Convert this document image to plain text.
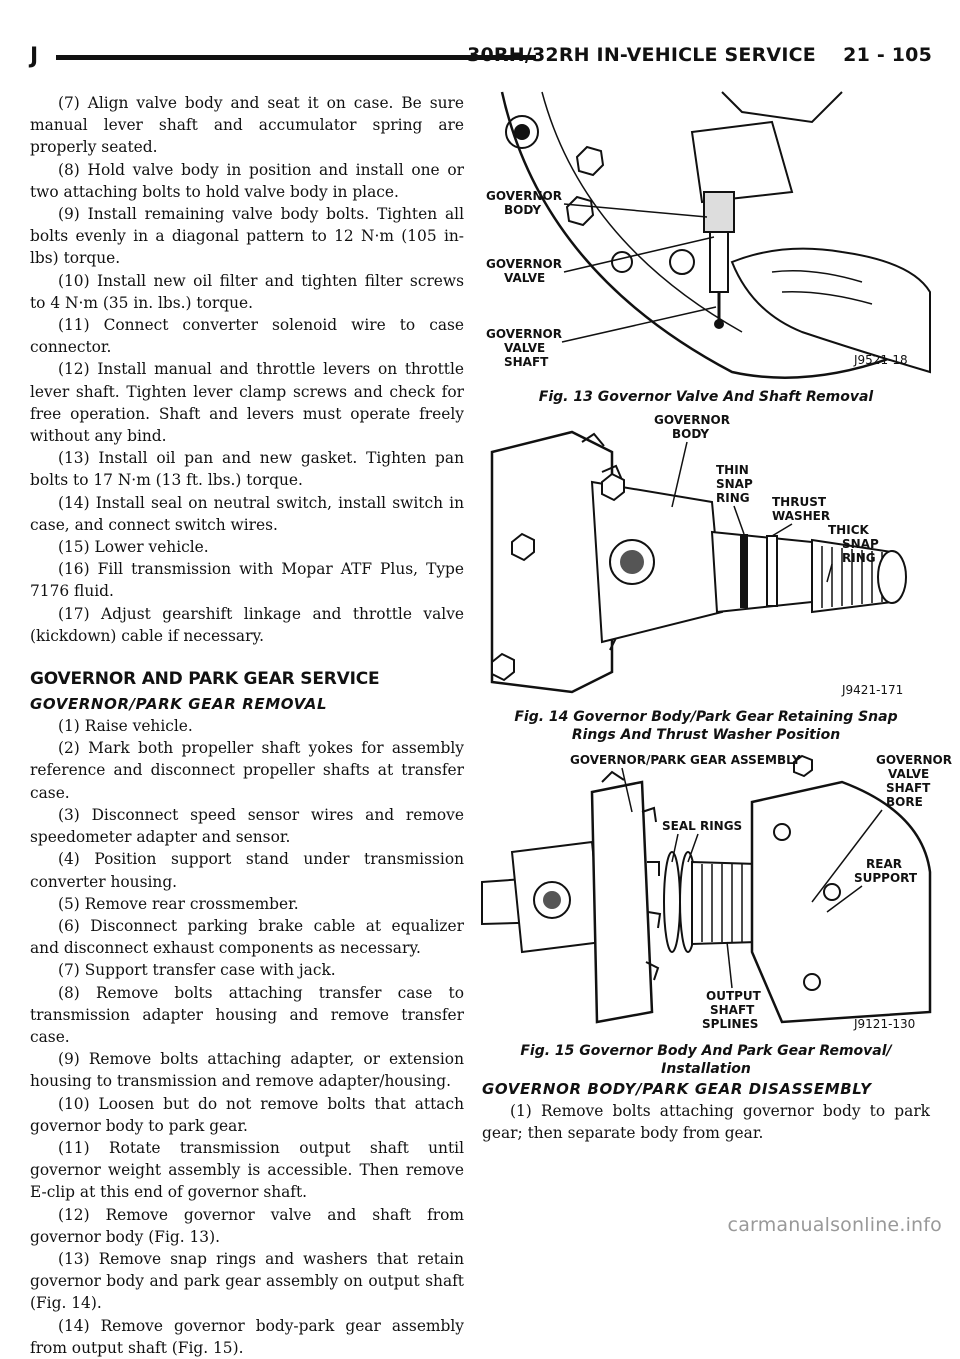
J	30RH/32RH IN-VEHICLE SERVICE    21 - 105

(7) Align valve body and seat it on case. Be sure manual lever shaft and accumulator spring are properly seated.

(8) Hold valve body in position and install one or two attaching bolts to hold valve body in place.

(9) Install remaining valve body bolts. Tighten all bolts evenly in a diagonal pattern to 12 N·m (105 in-lbs) torque.

(10) Install new oil filter and tighten filter screws to 4 N·m (35 in. lbs.) torque.

(11) Connect converter solenoid wire to case connector.

(12) Install manual and throttle levers on throttle lever shaft. Tighten lever clamp screws and check for free operation. Shaft and levers must operate freely without any bind.

(13) Install oil pan and new gasket. Tighten pan bolts to 17 N·m (13 ft. lbs.) torque.

(14) Install seal on neutral switch, install switch in case, and connect switch wires.

(15) Lower vehicle.

(16) Fill transmission with Mopar ATF Plus, Type 7176 fluid.

(17) Adjust gearshift linkage and throttle valve (kickdown) cable if necessary.

GOVERNOR AND PARK GEAR SERVICE
GOVERNOR/PARK GEAR REMOVAL

(1) Raise vehicle.

(2) Mark both propeller shaft yokes for assembly reference and disconnect propeller shafts at transfer case.

(3) Disconnect speed sensor wires and remove speedometer adapter and sensor.

(4) Position support stand under transmission converter housing.

(5) Remove rear crossmember.

(6) Disconnect parking brake cable at equalizer and disconnect exhaust components as necessary.

(7) Support transfer case with jack.

(8) Remove bolts attaching transfer case to transmission adapter housing and remove transfer case.

(9) Remove bolts attaching adapter, or extension housing to transmission and remove adapter/housing.

(10) Loosen but do not remove bolts that attach governor body to park gear.

(11) Rotate transmission output shaft until governor weight assembly is accessible. Then remove E-clip at this end of governor shaft.

(12) Remove governor valve and shaft from governor body (Fig. 13).

(13) Remove snap rings and washers that retain governor body and park gear assembly on output shaft (Fig. 14).

(14) Remove governor body-park gear assembly from output shaft (Fig. 15).

GOVERNOR
BODY
GOVERNOR
VALVE
GOVERNOR
VALVE
SHAFT	J9521-18
Fig. 13 Governor Valve And Shaft Removal
GOVERNOR
BODY
THIN
SNAP
RING THRUST
WASHER
THICK
SNAP
RING
J9421-171
Fig. 14 Governor Body/Park Gear Retaining Snap
Rings And Thrust Washer Position
GOVERNOR/PARK GEAR ASSEMBLY
SEAL RINGS
GOVERNOR
VALVE
SHAFT
BORE
REAR
SUPPORT
OUTPUT
SHAFT
SPLINES	J9121-130
Fig. 15 Governor Body And Park Gear Removal/
Installation
GOVERNOR BODY/PARK GEAR DISASSEMBLY

(1) Remove bolts attaching governor body to park gear; then separate body from gear.

carmanualsonline.info
